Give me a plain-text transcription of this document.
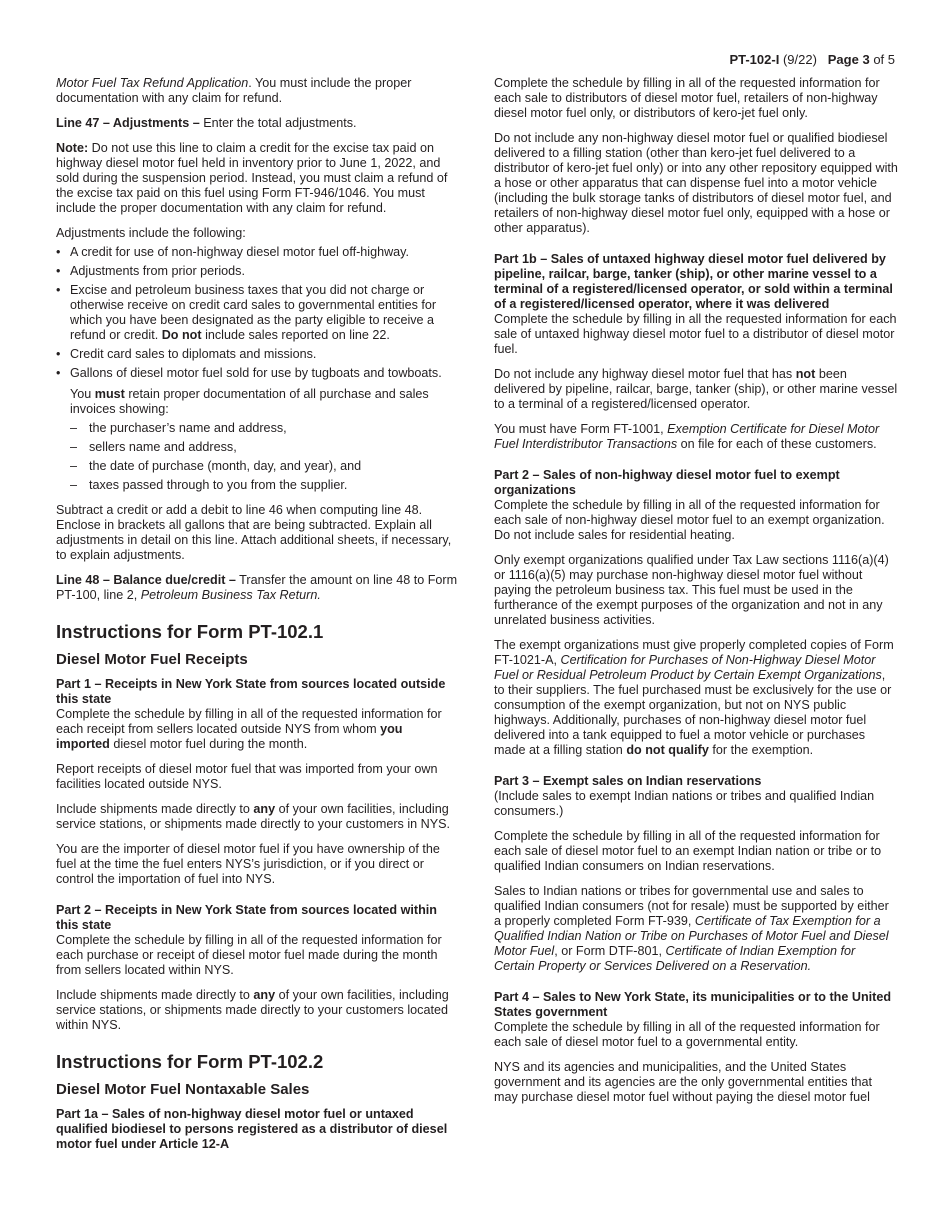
PT-102-I (9/22) Page 3 of 5

Motor Fuel Tax Refund Application. You must include the proper documentation with any claim for refund.

Line 47 – Adjustments – Enter the total adjustments.

Note: Do not use this line to claim a credit for the excise tax paid on highway diesel motor fuel held in inventory prior to June 1, 2022, and sold during the suspension period. Instead, you must claim a refund of the excise tax paid on this fuel using Form FT-946/1046. You must include the proper documentation with any claim for refund.

Adjustments include the following:

• A credit for use of non-highway diesel motor fuel off-highway.
• Adjustments from prior periods.
• Excise and petroleum business taxes that you did not charge or otherwise receive on credit card sales to governmental entities for which you have been designated as the party eligible to receive a refund or credit. Do not include sales reported on line 22.
• Credit card sales to diplomats and missions.
• Gallons of diesel motor fuel sold for use by tugboats and towboats.
You must retain proper documentation of all purchase and sales invoices showing:
– the purchaser’s name and address,
– sellers name and address,
– the date of purchase (month, day, and year), and
– taxes passed through to you from the supplier.

Subtract a credit or add a debit to line 46 when computing line 48. Enclose in brackets all gallons that are being subtracted. Explain all adjustments in detail on this line. Attach additional sheets, if necessary, to explain adjustments.

Line 48 – Balance due/credit – Transfer the amount on line 48 to Form PT-100, line 2, Petroleum Business Tax Return.

Instructions for Form PT-102.1
Diesel Motor Fuel Receipts
Part 1 – Receipts in New York State from sources located outside this state

Complete the schedule by filling in all of the requested information for each receipt from sellers located outside NYS from whom you imported diesel motor fuel during the month.

Report receipts of diesel motor fuel that was imported from your own facilities located outside NYS.

Include shipments made directly to any of your own facilities, including service stations, or shipments made directly to your customers in NYS.

You are the importer of diesel motor fuel if you have ownership of the fuel at the time the fuel enters NYS’s jurisdiction, or if you direct or control the importation of fuel into NYS.

Part 2 – Receipts in New York State from sources located within this state

Complete the schedule by filling in all of the requested information for each purchase or receipt of diesel motor fuel made during the month from sellers located within NYS.

Include shipments made directly to any of your own facilities, including service stations, or shipments made directly to your customers located within NYS.

Instructions for Form PT-102.2
Diesel Motor Fuel Nontaxable Sales
Part 1a – Sales of non-highway diesel motor fuel or untaxed qualified biodiesel to persons registered as a distributor of diesel motor fuel under Article 12-A

Complete the schedule by filling in all of the requested information for each sale to distributors of diesel motor fuel, retailers of non-highway diesel motor fuel only, or distributors of kero-jet fuel only.

Do not include any non-highway diesel motor fuel or qualified biodiesel delivered to a filling station (other than kero-jet fuel delivered to a distributor of kero-jet fuel only) or into any other repository equipped with a hose or other apparatus that can dispense fuel into a motor vehicle (including the bulk storage tanks of distributors of diesel motor fuel, and retailers of non-highway diesel motor fuel only, equipped with a hose or other apparatus).

Part 1b – Sales of untaxed highway diesel motor fuel delivered by pipeline, railcar, barge, tanker (ship), or other marine vessel to a terminal of a registered/licensed operator, or sold within a terminal of a registered/licensed operator, where it was delivered

Complete the schedule by filling in all the requested information for each sale of untaxed highway diesel motor fuel to a distributor of diesel motor fuel.

Do not include any highway diesel motor fuel that has not been delivered by pipeline, railcar, barge, tanker (ship), or other marine vessel to a terminal of a registered/licensed operator.

You must have Form FT-1001, Exemption Certificate for Diesel Motor Fuel Interdistributor Transactions on file for each of these customers.

Part 2 – Sales of non-highway diesel motor fuel to exempt organizations

Complete the schedule by filling in all of the requested information for each sale of non-highway diesel motor fuel to an exempt organization. Do not include sales for residential heating.

Only exempt organizations qualified under Tax Law sections 1116(a)(4) or 1116(a)(5) may purchase non-highway diesel motor fuel without paying the petroleum business tax. This fuel must be used in the furtherance of the exempt purposes of the organization and not in any unrelated business activities.

The exempt organizations must give properly completed copies of Form FT-1021-A, Certification for Purchases of Non-Highway Diesel Motor Fuel or Residual Petroleum Product by Certain Exempt Organizations, to their suppliers. The fuel purchased must be exclusively for the use or consumption of the exempt organization, but not on NYS public highways. Additionally, purchases of non-highway diesel motor fuel delivered into a tank equipped to fuel a motor vehicle or purchases made at a filling station do not qualify for the exemption.

Part 3 – Exempt sales on Indian reservations

(Include sales to exempt Indian nations or tribes and qualified Indian consumers.)

Complete the schedule by filling in all of the requested information for each sale of diesel motor fuel to an exempt Indian nation or tribe or to qualified Indian consumers on Indian reservations.

Sales to Indian nations or tribes for governmental use and sales to qualified Indian consumers (not for resale) must be supported by either a properly completed Form FT-939, Certificate of Tax Exemption for a Qualified Indian Nation or Tribe on Purchases of Motor Fuel and Diesel Motor Fuel, or Form DTF-801, Certificate of Indian Exemption for Certain Property or Services Delivered on a Reservation.

Part 4 – Sales to New York State, its municipalities or to the United States government

Complete the schedule by filling in all of the requested information for each sale of diesel motor fuel to a governmental entity.

NYS and its agencies and municipalities, and the United States government and its agencies are the only governmental entities that may purchase diesel motor fuel without paying the diesel motor fuel
